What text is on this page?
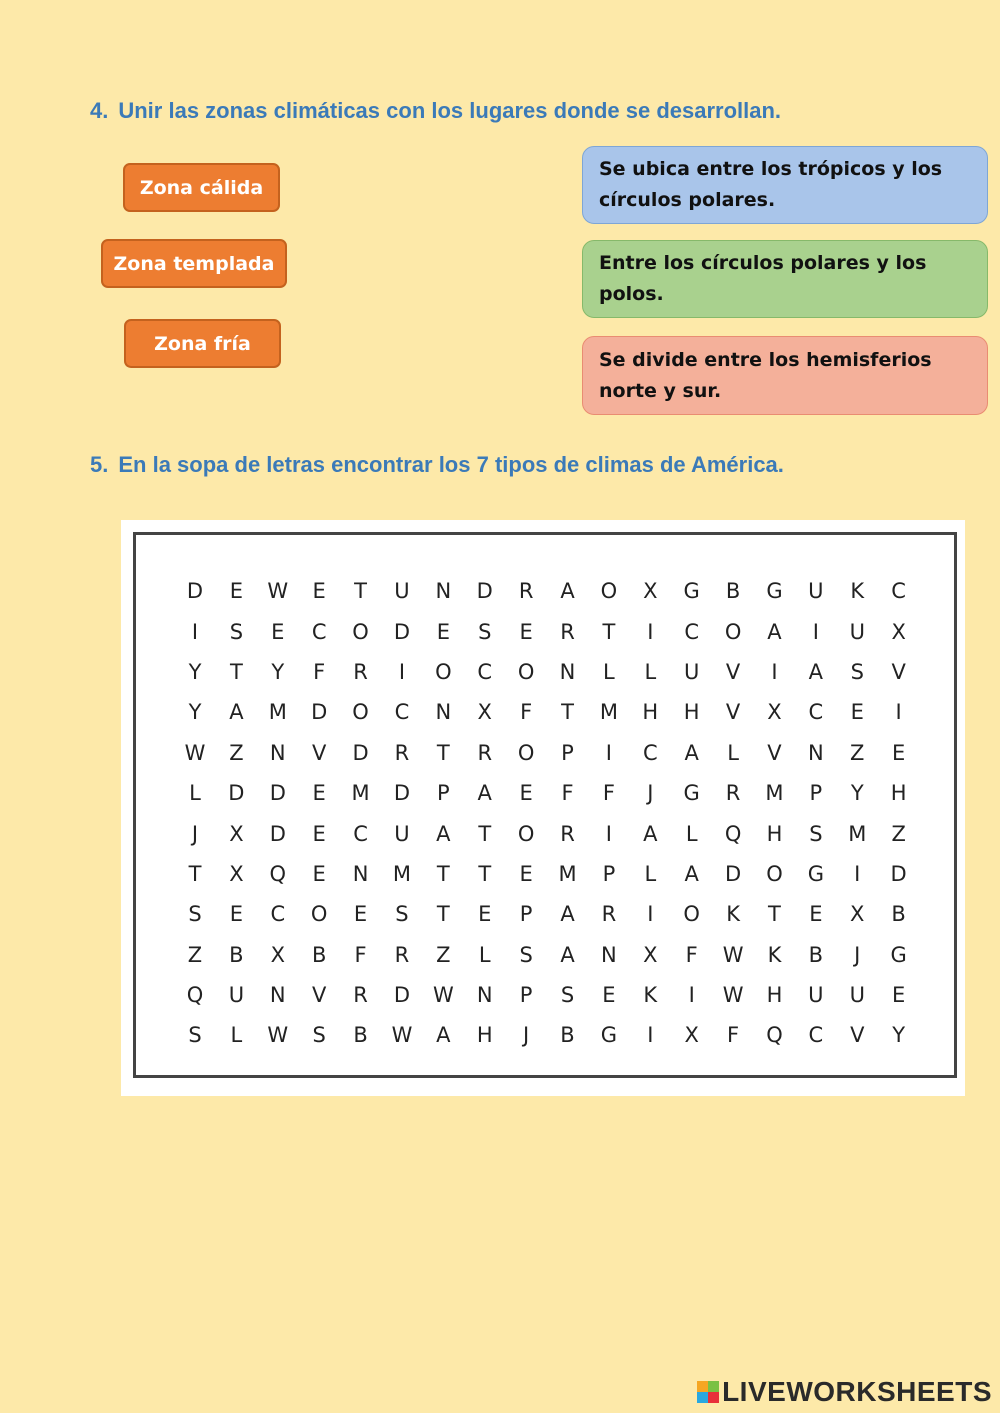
4. Unir las zonas climáticas con los lugares donde se desarrollan.
Zona cálida
Zona templada
Zona fría
Se ubica entre los trópicos y los círculos polares.
Entre los círculos polares y los polos.
Se divide entre los hemisferios norte y sur.
5. En la sopa de letras encontrar los 7 tipos de climas de América.
D E W E T U N D R A O X G B G U K C
I	S E C O D E S E R T	I	C O A	I	U X
Y T Y F R	I	O C O N L L U V	I	A S V
Y A M D O C N X F T M H H V X C E	I
W Z N V D R T R O P	I	C A L V N Z E
L D D E M D P A E F F	J	G R M P Y H
J	X D E C U A T O R	I	A L Q H S M Z
T X Q E N M T T E M P L A D O G	I	D
S E C O E S T E P A R	I	O K T E X B
Z B X B F R Z L S A N X F W K B	J	G
Q U N V R D W N P S E K	I	W H U U E
S L W S B W A H	J	B G	I	X F Q C V Y
LIVEWORKSHEETS
